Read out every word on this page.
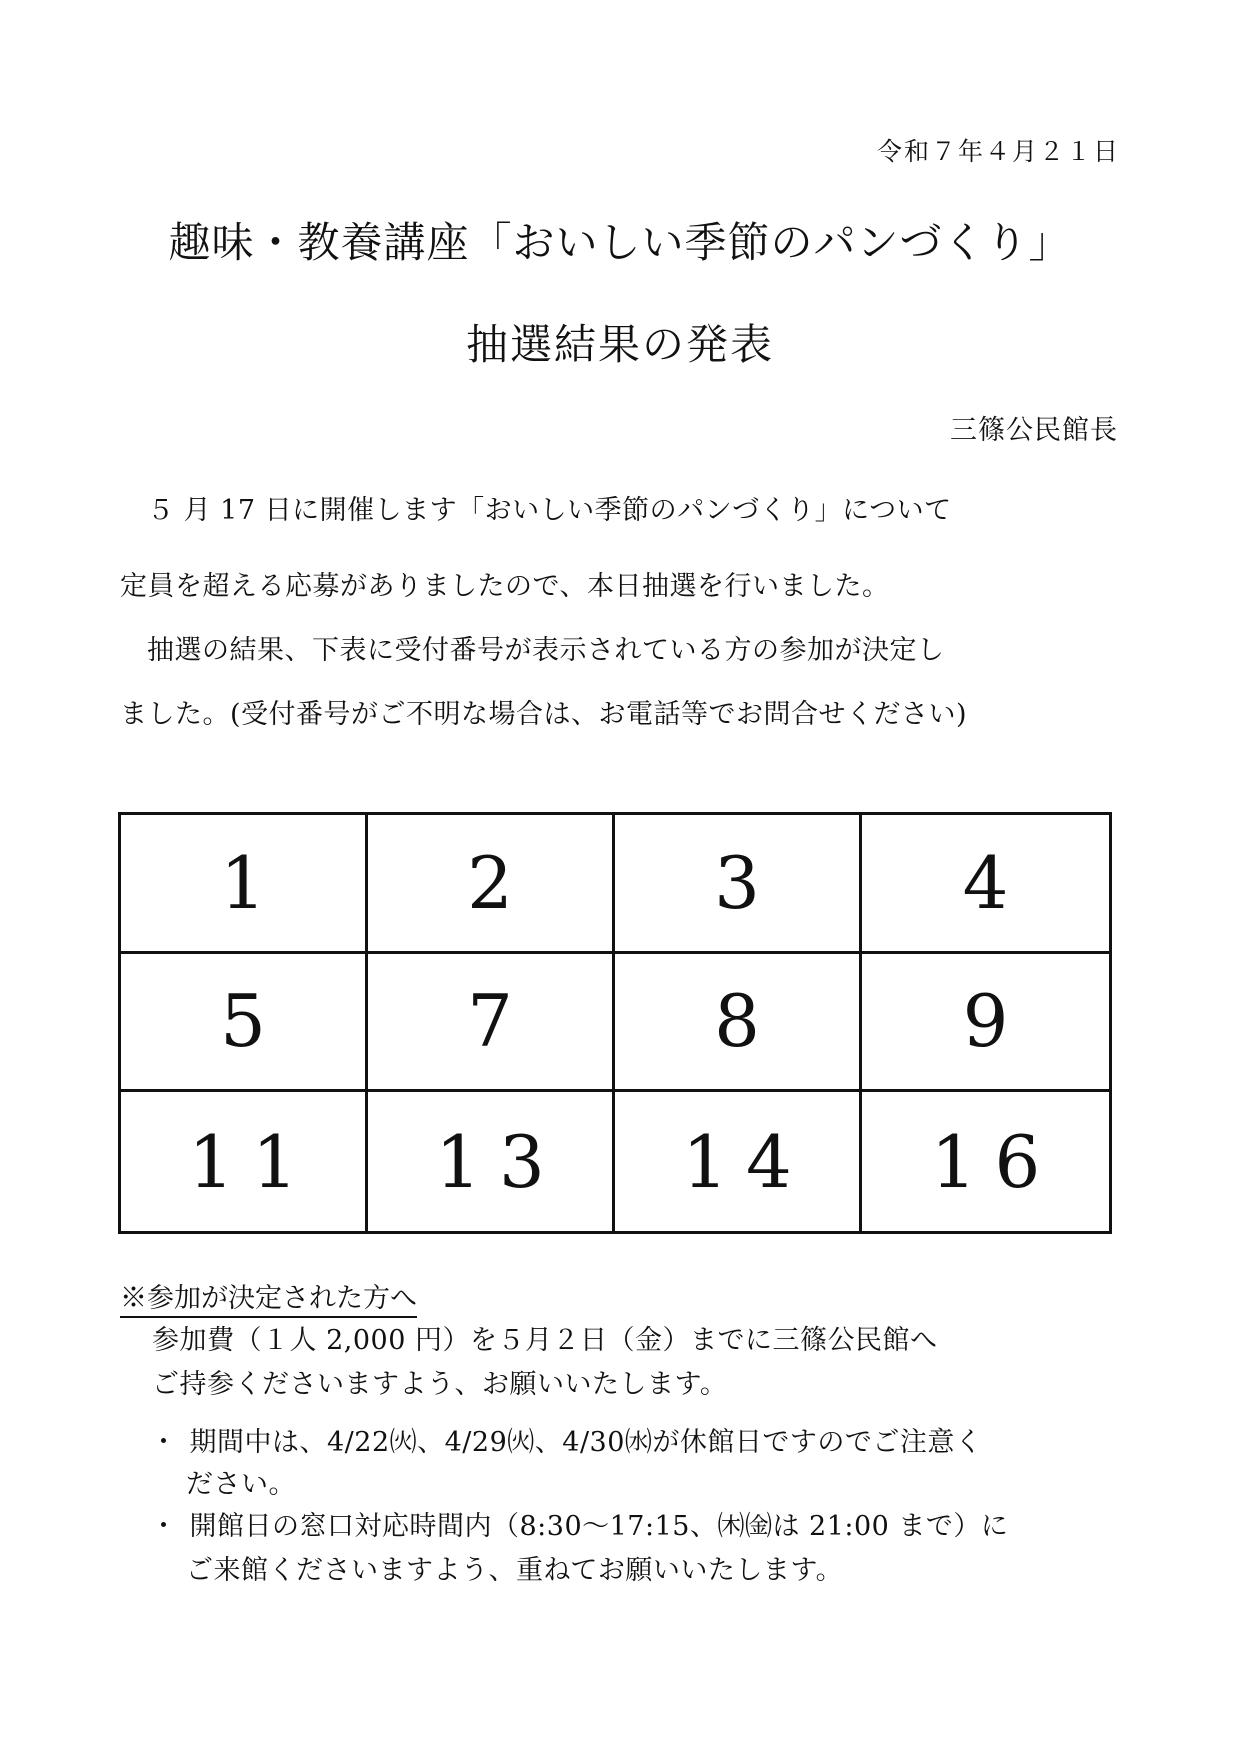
令和７年４月２１日
趣味・教養講座「おいしい季節のパンづくり」
抽選結果の発表
三篠公民館長
５ 月 17 日に開催します「おいしい季節のパンづくり」について
定員を超える応募がありましたので、本日抽選を行いました。
抽選の結果、下表に受付番号が表示されている方の参加が決定し
ました。(受付番号がご不明な場合は、お電話等でお問合せください)
1	2	3	4
5	7	8	9
11	13	14	16
※参加が決定された方へ
参加費（１人 2,000 円）を５月２日（金）までに三篠公民館へ
ご持参くださいますよう、お願いいたします。
・ 期間中は、4/22㈫、4/29㈫、4/30㈬が休館日ですのでご注意く
ださい。
・ 開館日の窓口対応時間内（8:30～17:15、㈭㈮は 21:00 まで）に
ご来館くださいますよう、重ねてお願いいたします。
